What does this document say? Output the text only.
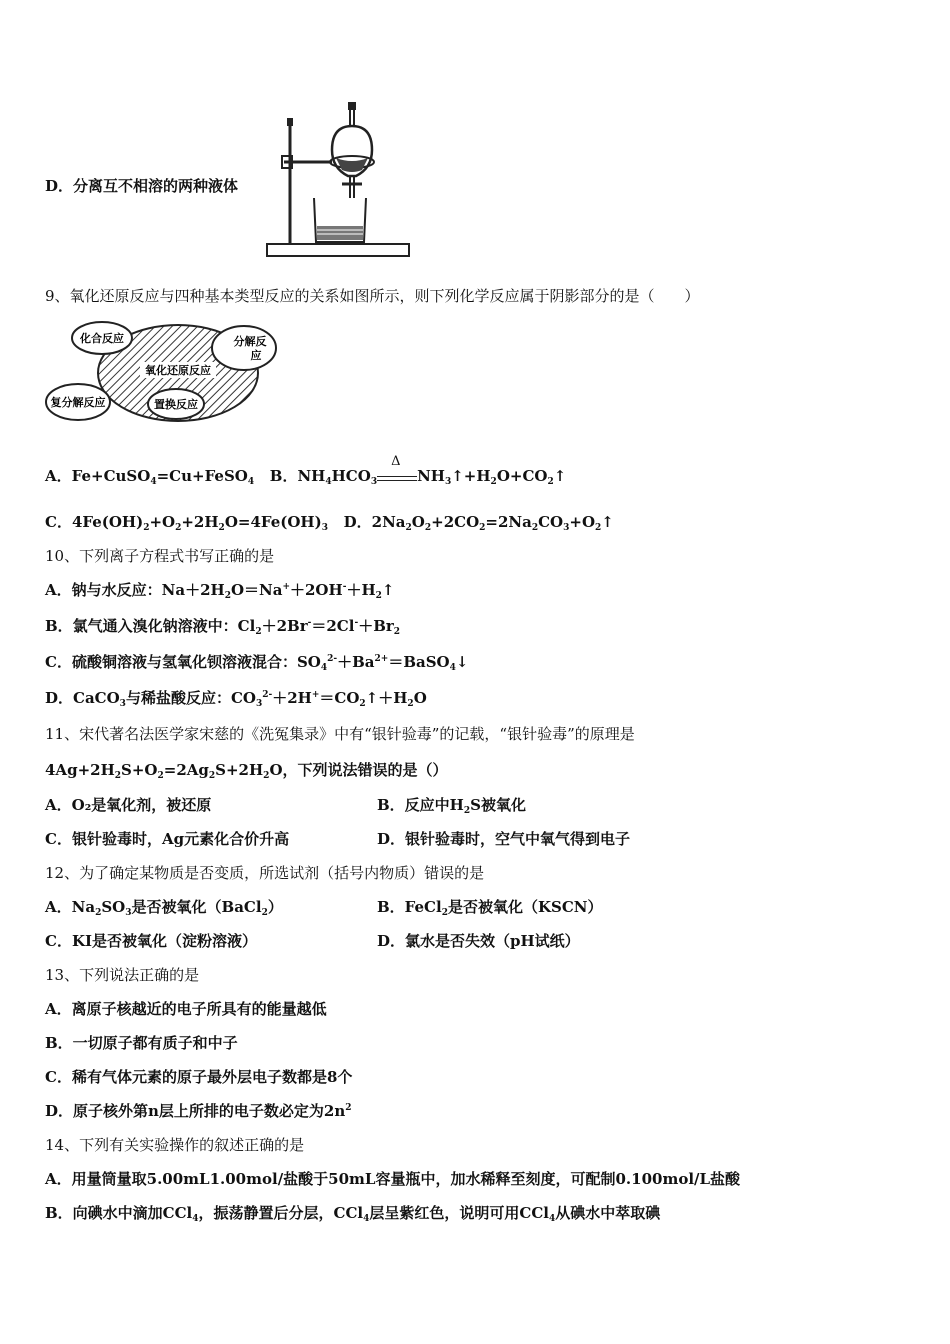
D．分离互不相溶的两种液体
9、氧化还原反应与四种基本类型反应的关系如图所示，则下列化学反应属于阴影部分的是（　　）
化合反应	分解反
应
氧化还原反应
复分解反应	置换反应
A．Fe+CuSO$_4$=Cu+FeSO$_4$   B．$NH_4HCO_3$
Δ
$NH_3↑+H_2O+CO_2↑$
C．$4Fe(OH)_2+O_2+2H_2O=4Fe(OH)_3$   D．$2Na_2O_2+2CO_2=2Na_2CO_3+O_2↑$
10、下列离子方程式书写正确的是
A．钠与水反应：$Na+2H_2O=Na^++2OH^-+H_2↑$
B．氯气通入溴化钠溶液中：$Cl_2+2Br^-=2Cl^-+Br_2$
C．硫酸铜溶液与氢氧化钡溶液混合：$SO_4^{2-}+Ba^{2+}=BaSO_4↓$
D．CaCO$_3$与稀盐酸反应：$CO_3^{2-}+2H^+=CO_2↑+H_2O$
11、宋代著名法医学家宋慈的《洗冤集录》中有“银针验毒”的记载，“银针验毒”的原理是
$4Ag+2H_2S+O_2=2Ag_2S+2H_2O$，下列说法错误的是（）
A．O₂是氧化剂，被还原	B．反应中$H_2S$被氧化
C．银针验毒时，Ag元素化合价升高	D．银针验毒时，空气中氧气得到电子
12、为了确定某物质是否变质，所选试剂（括号内物质）错误的是
A．$Na_2SO_3$是否被氧化（BaCl$_2$）	B．FeCl$_2$是否被氧化（KSCN）
C．KI是否被氧化（淀粉溶液）	D．氯水是否失效（pH试纸）
13、下列说法正确的是
A．离原子核越近的电子所具有的能量越低
B．一切原子都有质子和中子
C．稀有气体元素的原子最外层电子数都是8个
D．原子核外第n层上所排的电子数必定为$2n^2$
14、下列有关实验操作的叙述正确的是
A．用量筒量取5.00mL1.00mol/盐酸于50mL容量瓶中，加水稀释至刻度，可配制0.100mol/L盐酸
B．向碘水中滴加CCl$_4$，振荡静置后分层，CCl$_4$层呈紫红色，说明可用CCl$_4$从碘水中萃取碘
